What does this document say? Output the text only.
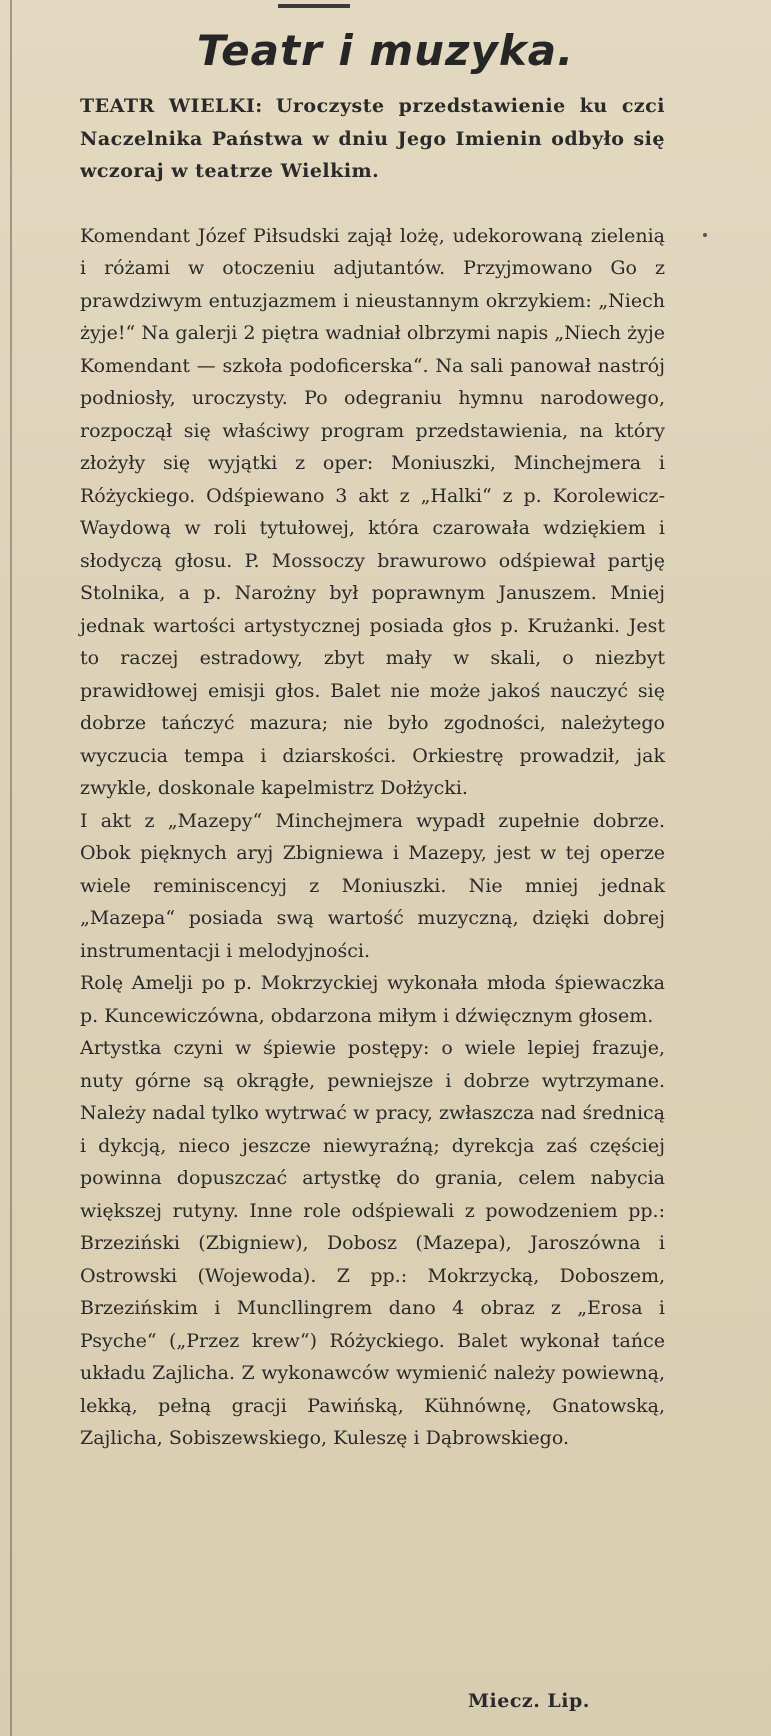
Teatr i muzyka.

TEATR WIELKI: Uroczyste przedstawienie ku czci Naczelnika Państwa w dniu Jego Imienin odbyło się wczoraj w teatrze Wielkim.

Komendant Józef Piłsudski zajął lożę, udekorowaną zielenią i różami w otoczeniu adjutantów. Przyjmowano Go z prawdziwym entuzjazmem i nieustannym okrzykiem: „Niech żyje!“ Na galerji 2 piętra wadniał olbrzymi napis „Niech żyje Komendant — szkoła podoficerska“. Na sali panował nastrój podniosły, uroczysty. Po odegraniu hymnu narodowego, rozpoczął się właściwy program przedstawienia, na który złożyły się wyjątki z oper: Moniuszki, Minchejmera i Różyckiego. Odśpiewano 3 akt z „Halki“ z p. Korolewicz-Waydową w roli tytułowej, która czarowała wdziękiem i słodyczą głosu. P. Mossoczy brawurowo odśpiewał partję Stolnika, a p. Narożny był poprawnym Januszem. Mniej jednak wartości artystycznej posiada głos p. Krużanki. Jest to raczej estradowy, zbyt mały w skali, o niezbyt prawidłowej emisji głos. Balet nie może jakoś nauczyć się dobrze tańczyć mazura; nie było zgodności, należytego wyczucia tempa i dziarskości. Orkiestrę prowadził, jak zwykle, doskonale kapelmistrz Dołżycki.

I akt z „Mazepy“ Minchejmera wypadł zupełnie dobrze. Obok pięknych aryj Zbigniewa i Mazepy, jest w tej operze wiele reminiscencyj z Moniuszki. Nie mniej jednak „Mazepa“ posiada swą wartość muzyczną, dzięki dobrej instrumentacji i melodyjności.

Rolę Amelji po p. Mokrzyckiej wykonała młoda śpiewaczka p. Kuncewiczówna, obdarzona miłym i dźwięcznym głosem.

Artystka czyni w śpiewie postępy: o wiele lepiej frazuje, nuty górne są okrągłe, pewniejsze i dobrze wytrzymane. Należy nadal tylko wytrwać w pracy, zwłaszcza nad średnicą i dykcją, nieco jeszcze niewyraźną; dyrekcja zaś częściej powinna dopuszczać artystkę do grania, celem nabycia większej rutyny. Inne role odśpiewali z powodzeniem pp.: Brzeziński (Zbigniew), Dobosz (Mazepa), Jaroszówna i Ostrowski (Wojewoda). Z pp.: Mokrzycką, Doboszem, Brzezińskim i Muncllingrem dano 4 obraz z „Erosa i Psyche“ („Przez krew“) Różyckiego. Balet wykonał tańce układu Zajlicha. Z wykonawców wymienić należy powiewną, lekką, pełną gracji Pawińską, Kühnównę, Gnatowską, Zajlicha, Sobiszewskiego, Kuleszę i Dąbrowskiego.

Miecz. Lip.
